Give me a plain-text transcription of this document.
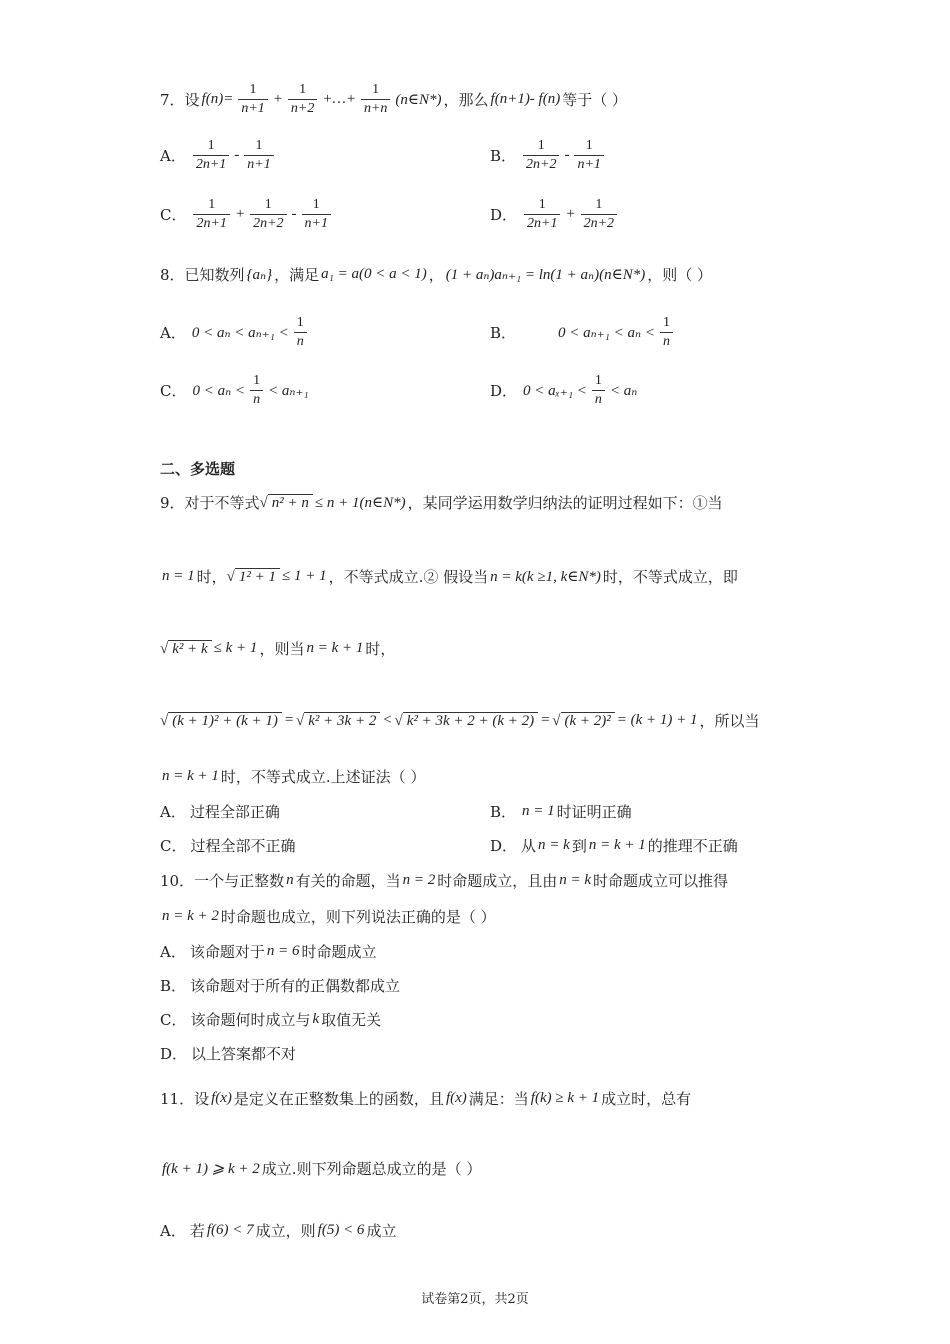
7．设 $f(n)= \frac{1}{n+1} + \frac{1}{n+2}$ +…+ $\frac{1}{n+n}$ (n∈N*) ，那么 f(n+1)- f(n) 等于（ ）
A． $\frac{1}{2n+1} - \frac{1}{n+1}$	B． $\frac{1}{2n+2} - \frac{1}{n+1}$
C． $\frac{1}{2n+1} + \frac{1}{2n+2} - \frac{1}{n+1}$	D． $\frac{1}{2n+1} + \frac{1}{2n+2}$
8．已知数列 {aₙ} ，满足 a₁ = a(0 < a < 1) ， (1 + aₙ)aₙ₊₁ = ln(1 + aₙ)(n∈N*) ，则（ ）
A． $0 < a_n < a_{n+1} < \frac{1}{n}$	B．	$0 < a_{n+1} < a_n < \frac{1}{n}$
C． $0 < a_n < \frac{1}{n} < a_{n+1}$	D． $0 < a_{x+1} < \frac{1}{n} < a_n$
二、多选题
9．对于不等式 √ n² + n ≤ n + 1(n∈N*) ，某同学运用数学归纳法的证明过程如下：①当
n = 1 时， √ 1² + 1 ≤ 1 + 1 ，不等式成立.② 假设当 n = k(k ≥1, k∈N*) 时，不等式成立，即
√ k² + k ≤ k + 1 ，则当 n = k + 1 时，
√ (k + 1)² + (k + 1) = √ k² + 3k + 2 < √ k² + 3k + 2 + (k + 2) = √ (k + 2)² = (k + 1) + 1 ，所以当
n = k + 1 时，不等式成立.上述证法（ ）
A． 过程全部正确	B． n = 1 时证明正确
C． 过程全部不正确	D． 从 n = k 到 n = k + 1 的推理不正确
10．一个与正整数 n 有关的命题，当 n = 2 时命题成立，且由 n = k 时命题成立可以推得
n = k + 2 时命题也成立，则下列说法正确的是（ ）
A． 该命题对于 n = 6 时命题成立
B． 该命题对于所有的正偶数都成立
C． 该命题何时成立与 k 取值无关
D． 以上答案都不对
11．设 f(x) 是定义在正整数集上的函数，且 f(x) 满足：当 f(k) ≥ k + 1 成立时，总有
f(k + 1) ⩾ k + 2 成立.则下列命题总成立的是（ ）
A． 若 f(6) < 7 成立，则 f(5) < 6 成立
试卷第2页，共2页
